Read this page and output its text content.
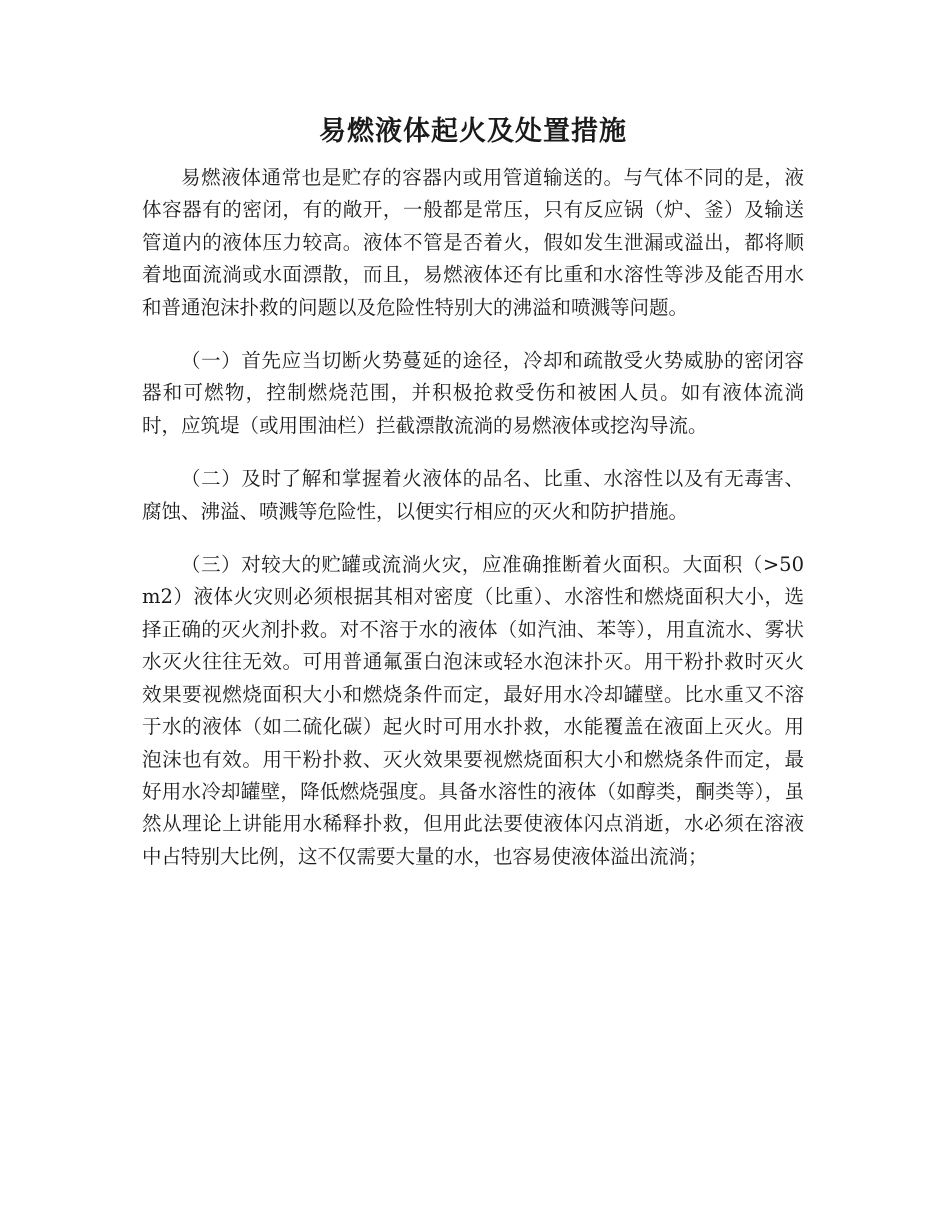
易燃液体起火及处置措施

易燃液体通常也是贮存的容器内或用管道输送的。与气体不同的是，液体容器有的密闭，有的敞开，一般都是常压，只有反应锅（炉、釜）及输送管道内的液体压力较高。液体不管是否着火，假如发生泄漏或溢出，都将顺着地面流淌或水面漂散，而且，易燃液体还有比重和水溶性等涉及能否用水和普通泡沫扑救的问题以及危险性特别大的沸溢和喷溅等问题。

（一）首先应当切断火势蔓延的途径，冷却和疏散受火势威胁的密闭容器和可燃物，控制燃烧范围，并积极抢救受伤和被困人员。如有液体流淌时，应筑堤（或用围油栏）拦截漂散流淌的易燃液体或挖沟导流。

（二）及时了解和掌握着火液体的品名、比重、水溶性以及有无毒害、腐蚀、沸溢、喷溅等危险性，以便实行相应的灭火和防护措施。

（三）对较大的贮罐或流淌火灾，应准确推断着火面积。大面积（>50m2）液体火灾则必须根据其相对密度（比重）、水溶性和燃烧面积大小，选择正确的灭火剂扑救。对不溶于水的液体（如汽油、苯等），用直流水、雾状水灭火往往无效。可用普通氟蛋白泡沫或轻水泡沫扑灭。用干粉扑救时灭火效果要视燃烧面积大小和燃烧条件而定，最好用水冷却罐壁。比水重又不溶于水的液体（如二硫化碳）起火时可用水扑救，水能覆盖在液面上灭火。用泡沫也有效。用干粉扑救、灭火效果要视燃烧面积大小和燃烧条件而定，最好用水冷却罐壁，降低燃烧强度。具备水溶性的液体（如醇类，酮类等），虽然从理论上讲能用水稀释扑救，但用此法要使液体闪点消逝，水必须在溶液中占特别大比例，这不仅需要大量的水，也容易使液体溢出流淌；
